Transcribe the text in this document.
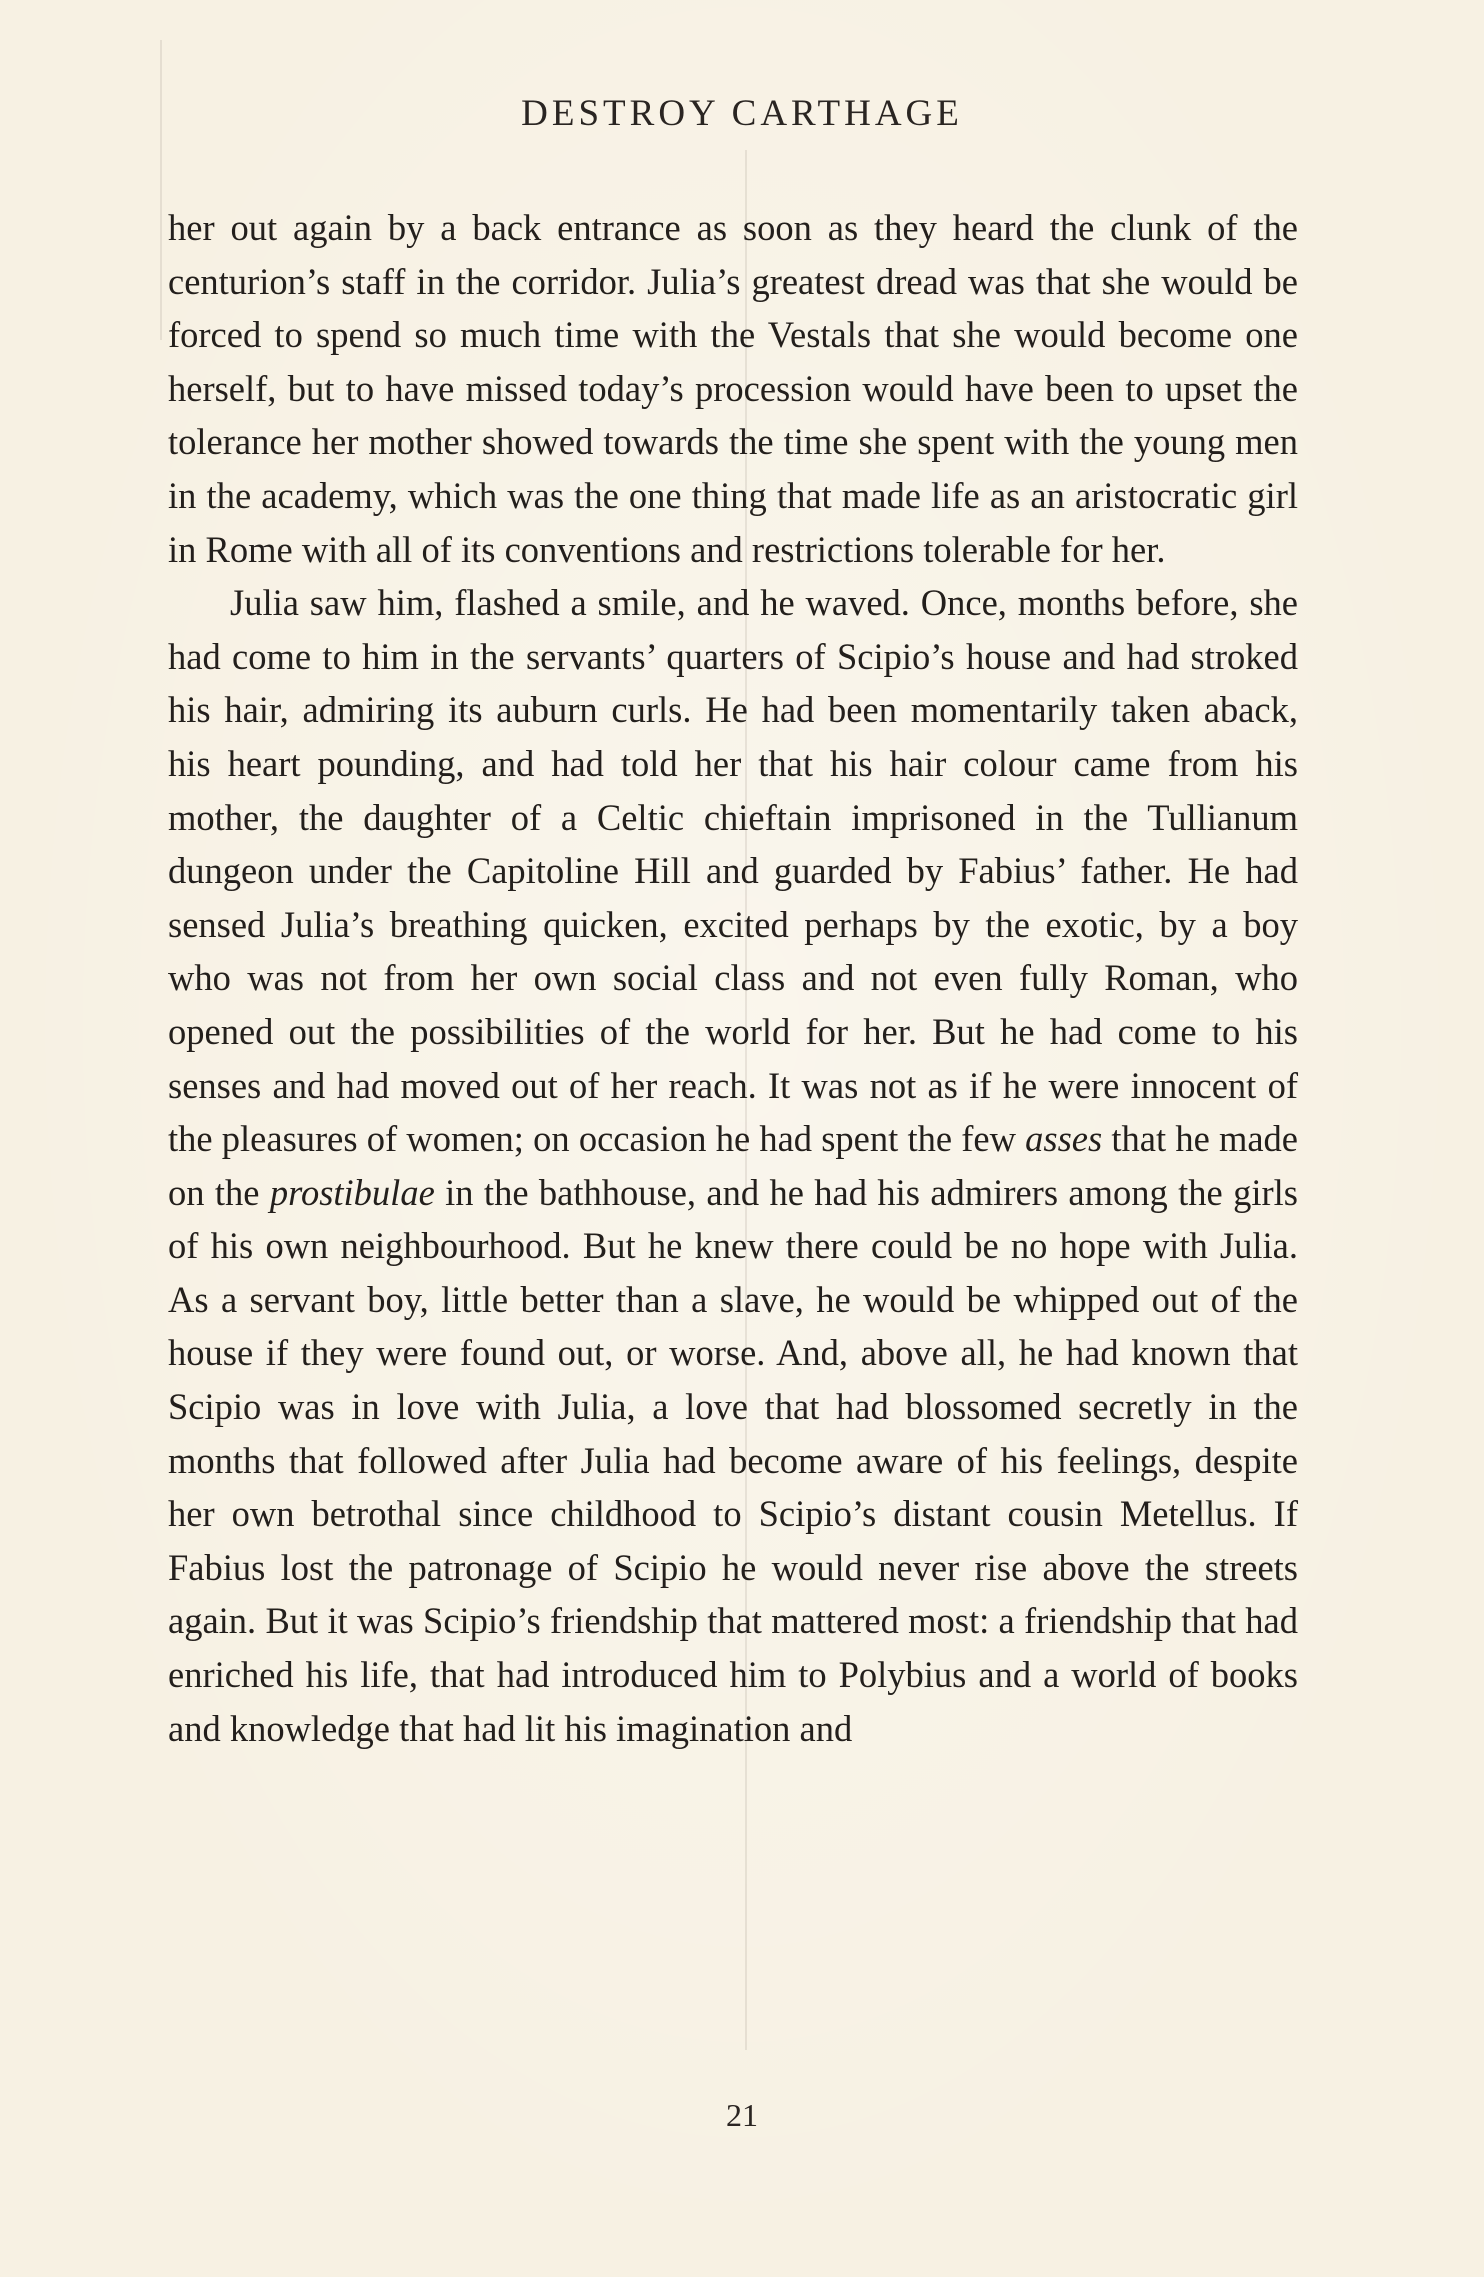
DESTROY CARTHAGE

her out again by a back entrance as soon as they heard the clunk of the centurion’s staff in the corridor. Julia’s greatest dread was that she would be forced to spend so much time with the Vestals that she would become one herself, but to have missed today’s procession would have been to upset the tolerance her mother showed towards the time she spent with the young men in the academy, which was the one thing that made life as an aristocratic girl in Rome with all of its conventions and restrictions tolerable for her.

Julia saw him, flashed a smile, and he waved. Once, months before, she had come to him in the servants’ quarters of Scipio’s house and had stroked his hair, admiring its auburn curls. He had been momentarily taken aback, his heart pounding, and had told her that his hair colour came from his mother, the daughter of a Celtic chieftain imprisoned in the Tullianum dungeon under the Capitoline Hill and guarded by Fabius’ father. He had sensed Julia’s breathing quicken, excited perhaps by the exotic, by a boy who was not from her own social class and not even fully Roman, who opened out the possibilities of the world for her. But he had come to his senses and had moved out of her reach. It was not as if he were innocent of the pleasures of women; on occasion he had spent the few asses that he made on the prostibulae in the bathhouse, and he had his admirers among the girls of his own neighbourhood. But he knew there could be no hope with Julia. As a servant boy, little better than a slave, he would be whipped out of the house if they were found out, or worse. And, above all, he had known that Scipio was in love with Julia, a love that had blossomed secretly in the months that followed after Julia had become aware of his feelings, despite her own betrothal since childhood to Scipio’s distant cousin Metellus. If Fabius lost the patronage of Scipio he would never rise above the streets again. But it was Scipio’s friendship that mattered most: a friendship that had enriched his life, that had introduced him to Polybius and a world of books and knowledge that had lit his imagination and

21
